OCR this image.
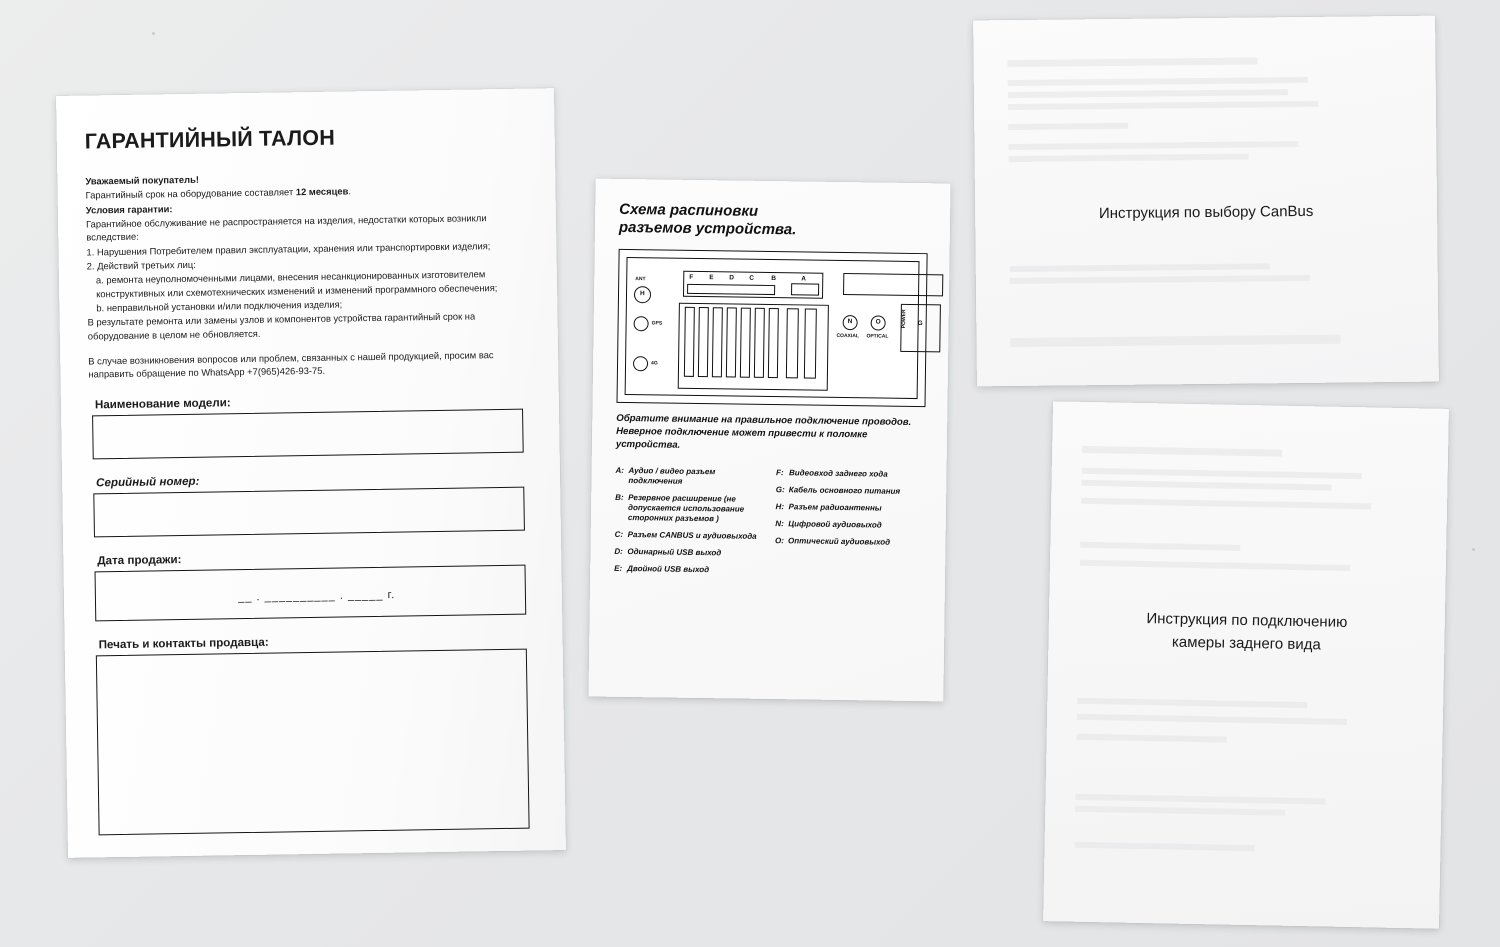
ГАРАНТИЙНЫЙ ТАЛОН

Уважаемый покупатель!

Гарантийный срок на оборудование составляет 12 месяцев.

Условия гарантии:

Гарантийное обслуживание не распространяется на изделия, недостатки которых возникли вследствие:

1. Нарушения Потребителем правил эксплуатации, хранения или транспортировки изделия;

2. Действий третьих лиц:

a. ремонта неуполномоченными лицами, внесения несанкционированных изготовителем конструктивных или схемотехнических изменений и изменений программного обеспечения;

b. неправильной установки и/или подключения изделия;

В результате ремонта или замены узлов и компонентов устройства гарантийный срок на оборудование в целом не обновляется.

В случае возникновения вопросов или проблем, связанных с нашей продукцией, просим вас направить обращение по WhatsApp +7(965)426-93-75.

Наименование модели:
Серийный номер:
Дата продажи:
__ . __________ . _____ г.
Печать и контакты продавца:
Схема распиновки
разъемов устройства.
ANT
H
GPS
4G
F E D C	B	A
N
COAXIAL
O
OPTICAL
G
POWER
Обратите внимание на правильное подключение проводов.
Неверное подключение может привести к поломке устройства.
A: Аудио / видео разъем подключения
B: Резервное расширение (не допускается использование сторонних разъемов )
C: Разъем CANBUS и аудиовыхода
D: Одинарный USB выход
E: Двойной USB выход
F: Видеовход заднего хода
G: Кабель основного питания
H: Разъем радиоантенны
N: Цифровой аудиовыход
O: Оптический аудиовыход
Инструкция по выбору CanBus
Инструкция по подключению
камеры заднего вида
